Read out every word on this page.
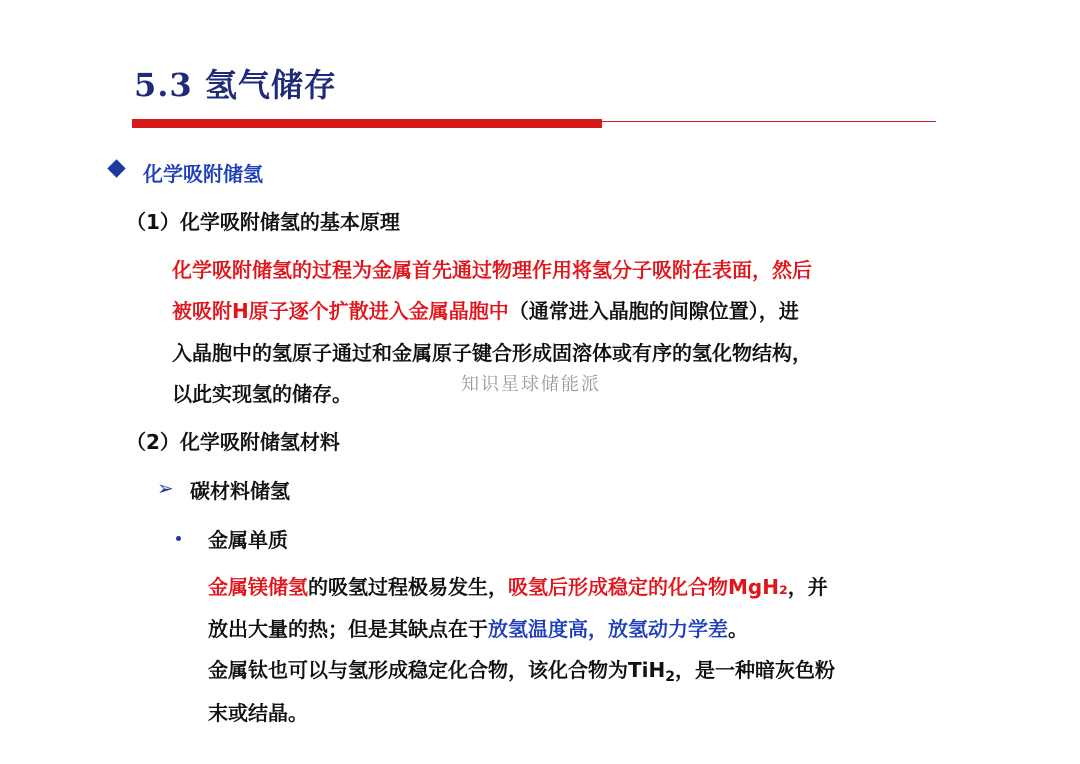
5.3 氢气储存
化学吸附储氢
（1）化学吸附储氢的基本原理
化学吸附储氢的过程为金属首先通过物理作用将氢分子吸附在表面，然后
被吸附H原子逐个扩散进入金属晶胞中（通常进入晶胞的间隙位置），进
入晶胞中的氢原子通过和金属原子键合形成固溶体或有序的氢化物结构，
以此实现氢的储存。	知识星球储能派
（2）化学吸附储氢材料
➢ 碳材料储氢
金属单质
金属镁储氢的吸氢过程极易发生，吸氢后形成稳定的化合物MgH₂，并
放出大量的热；但是其缺点在于放氢温度高，放氢动力学差。
金属钛也可以与氢形成稳定化合物，该化合物为TiH$_2$，是一种暗灰色粉
末或结晶。
